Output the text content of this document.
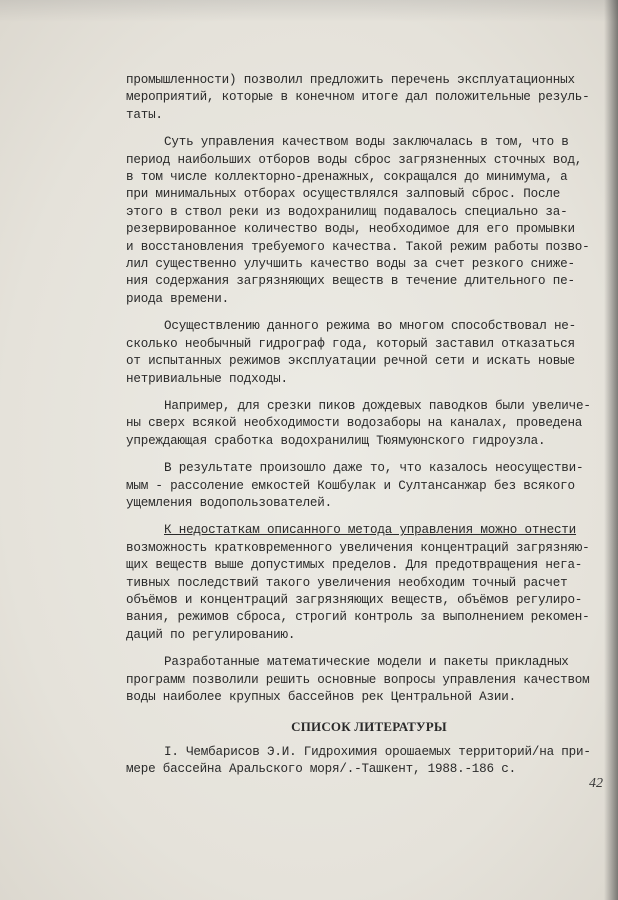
промышленности) позволил предложить перечень эксплуатационных
мероприятий, которые в конечном итоге дал положительные резуль-
таты.

Суть управления качеством воды заключалась в том, что в
период наибольших отборов воды сброс загрязненных сточных вод,
в том числе коллекторно-дренажных, сокращался до минимума, а
при минимальных отборах осуществлялся залповый сброс. После
этого в ствол реки из водохранилищ подавалось специально за-
резервированное количество воды, необходимое для его промывки
и восстановления требуемого качества. Такой режим работы позво-
лил существенно улучшить качество воды за счет резкого сниже-
ния содержания загрязняющих веществ в течение длительного пе-
риода времени.

Осуществлению данного режима во многом способствовал не-
сколько необычный гидрограф года, который заставил отказаться
от испытанных режимов эксплуатации речной сети и искать новые
нетривиальные подходы.

Например, для срезки пиков дождевых паводков были увеличе-
ны сверх всякой необходимости водозаборы на каналах, проведена
упреждающая сработка водохранилищ Тюямуюнского гидроузла.

В результате произошло даже то, что казалось неосуществи-
мым - рассоление емкостей Кошбулак и Султансанжар без всякого
ущемления водопользователей.

К недостаткам описанного метода управления можно отнести
возможность кратковременного увеличения концентраций загрязняю-
щих веществ выше допустимых пределов. Для предотвращения нега-
тивных последствий такого увеличения необходим точный расчет
объёмов и концентраций загрязняющих веществ, объёмов регулиро-
вания, режимов сброса, строгий контроль за выполнением рекомен-
даций по регулированию.

Разработанные математические модели и пакеты прикладных
программ позволили решить основные вопросы управления качеством
воды наиболее крупных бассейнов рек Центральной Азии.

СПИСОК ЛИТЕРАТУРЫ

I. Чембарисов Э.И. Гидрохимия орошаемых территорий/на при-
мере бассейна Аральского моря/.-Ташкент, 1988.-186 с.

42
